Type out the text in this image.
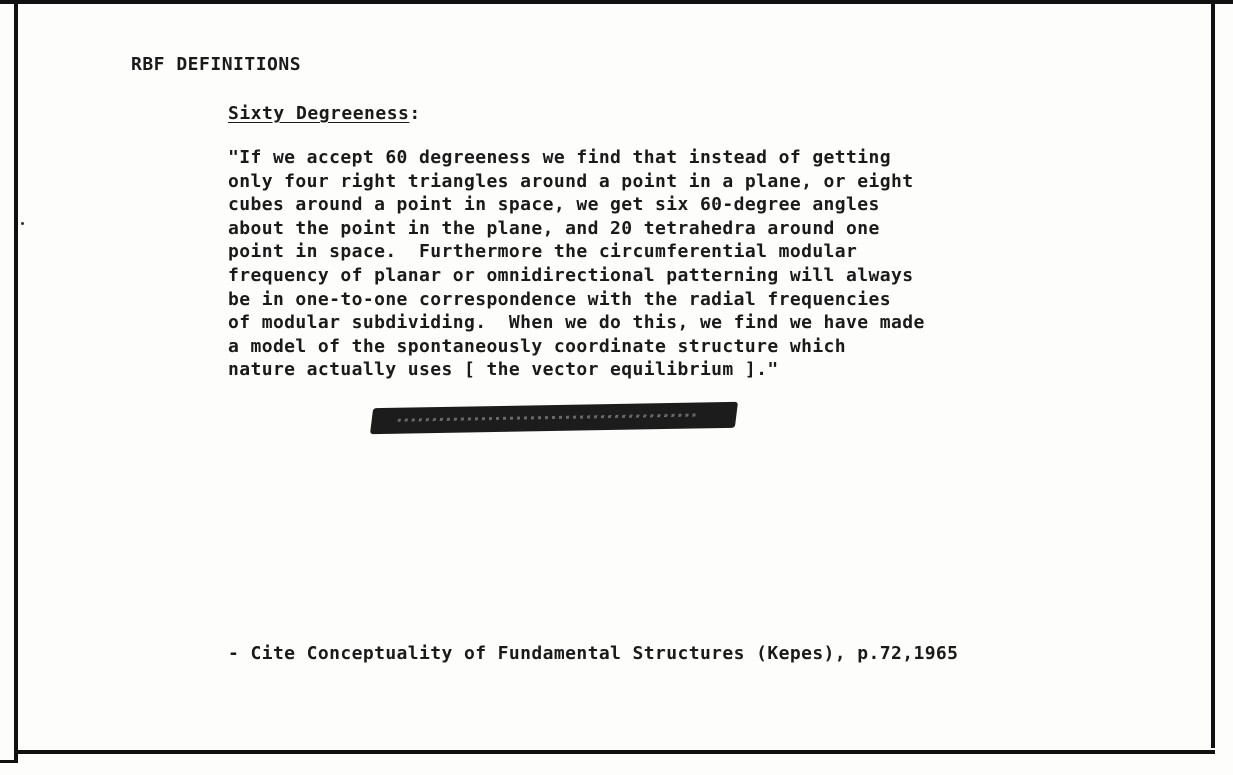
RBF DEFINITIONS
Sixty Degreeness:
"If we accept 60 degreeness we find that instead of getting
only four right triangles around a point in a plane, or eight
cubes around a point in space, we get six 60-degree angles
about the point in the plane, and 20 tetrahedra around one
point in space.  Furthermore the circumferential modular
frequency of planar or omnidirectional patterning will always
be in one-to-one correspondence with the radial frequencies
of modular subdividing.  When we do this, we find we have made
a model of the spontaneously coordinate structure which
nature actually uses [ the vector equilibrium ]."
- Cite Conceptuality of Fundamental Structures (Kepes), p.72,1965
